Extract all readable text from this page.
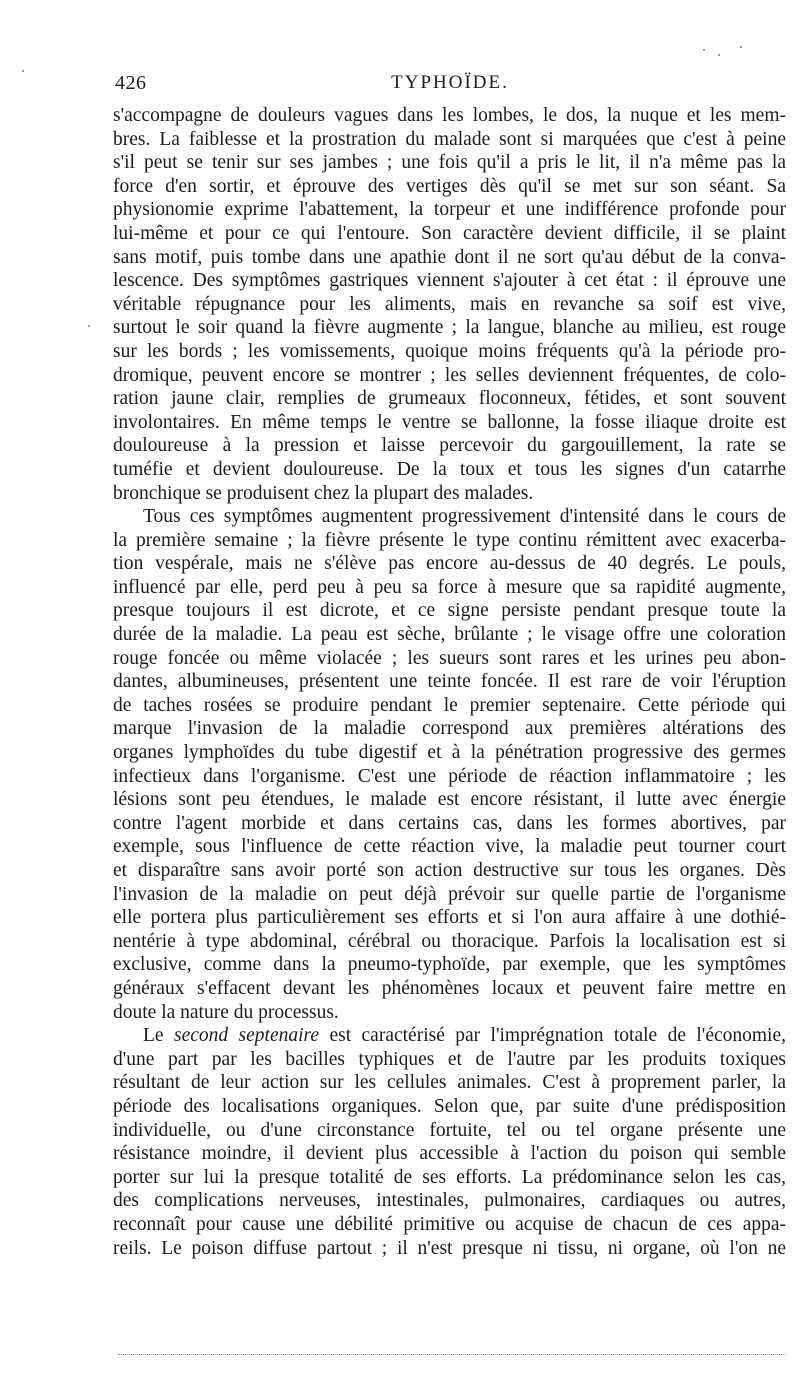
426	TYPHOÏDE.
s'accompagne de douleurs vagues dans les lombes, le dos, la nuque et les mem-
bres. La faiblesse et la prostration du malade sont si marquées que c'est à peine
s'il peut se tenir sur ses jambes ; une fois qu'il a pris le lit, il n'a même pas la
force d'en sortir, et éprouve des vertiges dès qu'il se met sur son séant. Sa
physionomie exprime l'abattement, la torpeur et une indifférence profonde pour
lui-même et pour ce qui l'entoure. Son caractère devient difficile, il se plaint
sans motif, puis tombe dans une apathie dont il ne sort qu'au début de la conva-
lescence. Des symptômes gastriques viennent s'ajouter à cet état : il éprouve une
véritable répugnance pour les aliments, mais en revanche sa soif est vive,
surtout le soir quand la fièvre augmente ; la langue, blanche au milieu, est rouge
sur les bords ; les vomissements, quoique moins fréquents qu'à la période pro-
dromique, peuvent encore se montrer ; les selles deviennent fréquentes, de colo-
ration jaune clair, remplies de grumeaux floconneux, fétides, et sont souvent
involontaires. En même temps le ventre se ballonne, la fosse iliaque droite est
douloureuse à la pression et laisse percevoir du gargouillement, la rate se
tuméfie et devient douloureuse. De la toux et tous les signes d'un catarrhe
bronchique se produisent chez la plupart des malades.
Tous ces symptômes augmentent progressivement d'intensité dans le cours de
la première semaine ; la fièvre présente le type continu rémittent avec exacerba-
tion vespérale, mais ne s'élève pas encore au-dessus de 40 degrés. Le pouls,
influencé par elle, perd peu à peu sa force à mesure que sa rapidité augmente,
presque toujours il est dicrote, et ce signe persiste pendant presque toute la
durée de la maladie. La peau est sèche, brûlante ; le visage offre une coloration
rouge foncée ou même violacée ; les sueurs sont rares et les urines peu abon-
dantes, albumineuses, présentent une teinte foncée. Il est rare de voir l'éruption
de taches rosées se produire pendant le premier septenaire. Cette période qui
marque l'invasion de la maladie correspond aux premières altérations des
organes lymphoïdes du tube digestif et à la pénétration progressive des germes
infectieux dans l'organisme. C'est une période de réaction inflammatoire ; les
lésions sont peu étendues, le malade est encore résistant, il lutte avec énergie
contre l'agent morbide et dans certains cas, dans les formes abortives, par
exemple, sous l'influence de cette réaction vive, la maladie peut tourner court
et disparaître sans avoir porté son action destructive sur tous les organes. Dès
l'invasion de la maladie on peut déjà prévoir sur quelle partie de l'organisme
elle portera plus particulièrement ses efforts et si l'on aura affaire à une dothié-
nentérie à type abdominal, cérébral ou thoracique. Parfois la localisation est si
exclusive, comme dans la pneumo-typhoïde, par exemple, que les symptômes
généraux s'effacent devant les phénomènes locaux et peuvent faire mettre en
doute la nature du processus.
Le second septenaire est caractérisé par l'imprégnation totale de l'économie,
d'une part par les bacilles typhiques et de l'autre par les produits toxiques
résultant de leur action sur les cellules animales. C'est à proprement parler, la
période des localisations organiques. Selon que, par suite d'une prédisposition
individuelle, ou d'une circonstance fortuite, tel ou tel organe présente une
résistance moindre, il devient plus accessible à l'action du poison qui semble
porter sur lui la presque totalité de ses efforts. La prédominance selon les cas,
des complications nerveuses, intestinales, pulmonaires, cardiaques ou autres,
reconnaît pour cause une débilité primitive ou acquise de chacun de ces appa-
reils. Le poison diffuse partout ; il n'est presque ni tissu, ni organe, où l'on ne
